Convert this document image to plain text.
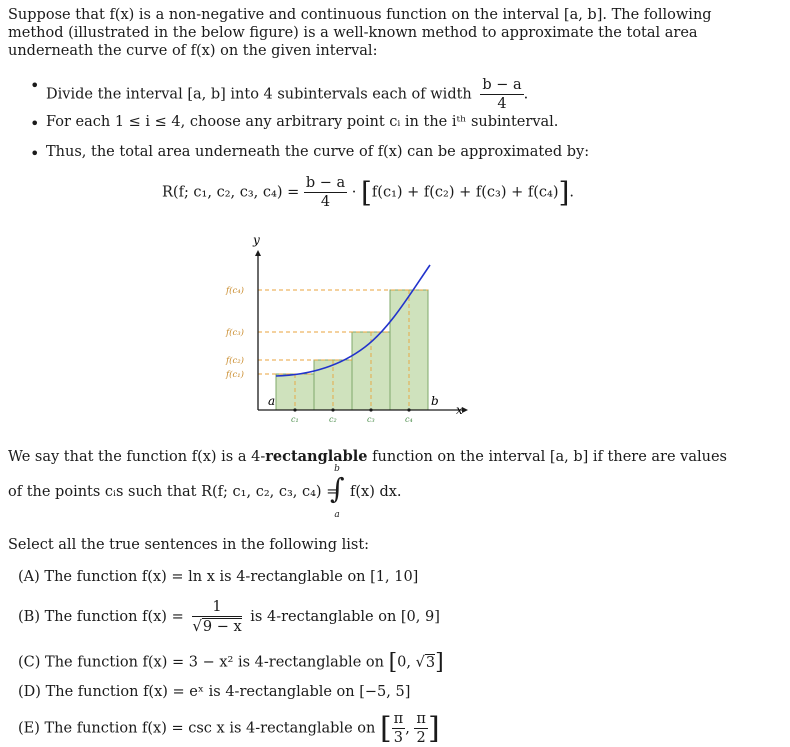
Suppose that f(x) is a non-negative and continuous function on the interval [a, b]. The following
method (illustrated in the below figure) is a well-known method to approximate the total area
underneath the curve of f(x) on the given interval:
• Divide the interval [a, b] into 4 subintervals each of width $\frac{b - a}{4}$ .
• For each 1 ≤ i ≤ 4, choose any arbitrary point cᵢ in the iᵗʰ subinterval.
• Thus, the total area underneath the curve of f(x) can be approximated by:
R(f; c₁, c₂, c₃, $c_4) = \frac{b - a}{4} \cdot [f(c_1) + f(c_2) + f(c_3) + f(c_4)]$.
y
x
a	b
f(c₄)
f(c₃)
f(c₂)
f(c₁)
c₁	c₂	c₃	c₄
We say that the function f(x) is a 4-rectanglable function on the interval [a, b] if there are values
of the points cᵢs such that R(f; c₁, c₂, c₃, c₄) =
b
∫
a
f(x) dx.
Select all the true sentences in the following list:
(A) The function f(x) = ln x is 4-rectanglable on [1, 10]
(B) The function $f(x) = \frac{1}{√9 - x}$ is 4-rectanglable on [0, 9]
(C) The function f(x) = 3 − x² is 4-rectanglable on [0, √3]
(D) The function f(x) = eˣ is 4-rectanglable on [−5, 5]
(E) The function f(x) = csc x is 4-rectanglable on [ $\frac{\pi}{3}$ , $\frac{\pi}{2}$ ]
